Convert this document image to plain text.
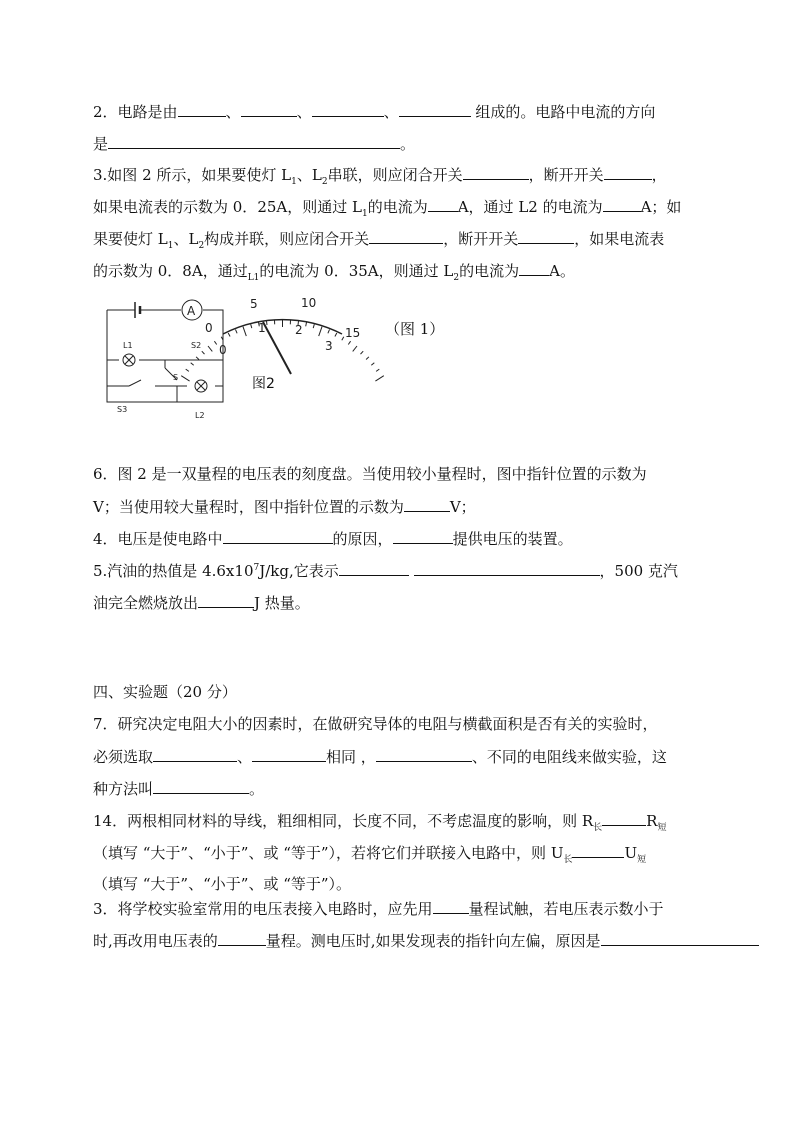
2．电路是由	、	、	、	组成的。电路中电流的方向
是	。
3.如图 2 所示，如果要使灯 $L_1$、$L_2$串联，则应闭合开关	，断开开关	，
如果电流表的示数为 0．25A，则通过 $L_1$的电流为 A，通过 L2 的电流为	A；如
果要使灯 $L_1$、$L_2$构成并联，则应闭合开关	，断开开关	，如果电流表
的示数为 0．8A，通过$_{L1}$的电流为 0．35A，则通过 $L_2$的电流为 A。
A
L1
L2
S2
S
S3
0
5	10
15
0
1 2
3
（图 1）
图2
6．图 2 是一双量程的电压表的刻度盘。当使用较小量程时，图中指针位置的示数为
V；当使用较大量程时，图中指针位置的示数为	V；
4．电压是使电路中	的原因，	提供电压的装置。
5.汽油的热值是 $4.6x10^7J/kg$,它表示	，500 克汽
油完全燃烧放出	J 热量。
四、实验题（20 分）
7．研究决定电阻大小的因素时，在做研究导体的电阻与横截面积是否有关的实验时，
必须选取	、	相同 ，	、不同的电阻线来做实验，这
种方法叫	。
14．两根相同材料的导线，粗细相同，长度不同，不考虑温度的影响，则 $R_长$	$R_短$
（填写 “大于”、“小于”、或 “等于”），若将它们并联接入电路中，则 $U_长$	$U_短$
（填写 “大于”、“小于”、或 “等于”）。
3．将学校实验室常用的电压表接入电路时，应先用 量程试触，若电压表示数小于
时,再改用电压表的	量程。测电压时,如果发现表的指针向左偏，原因是
